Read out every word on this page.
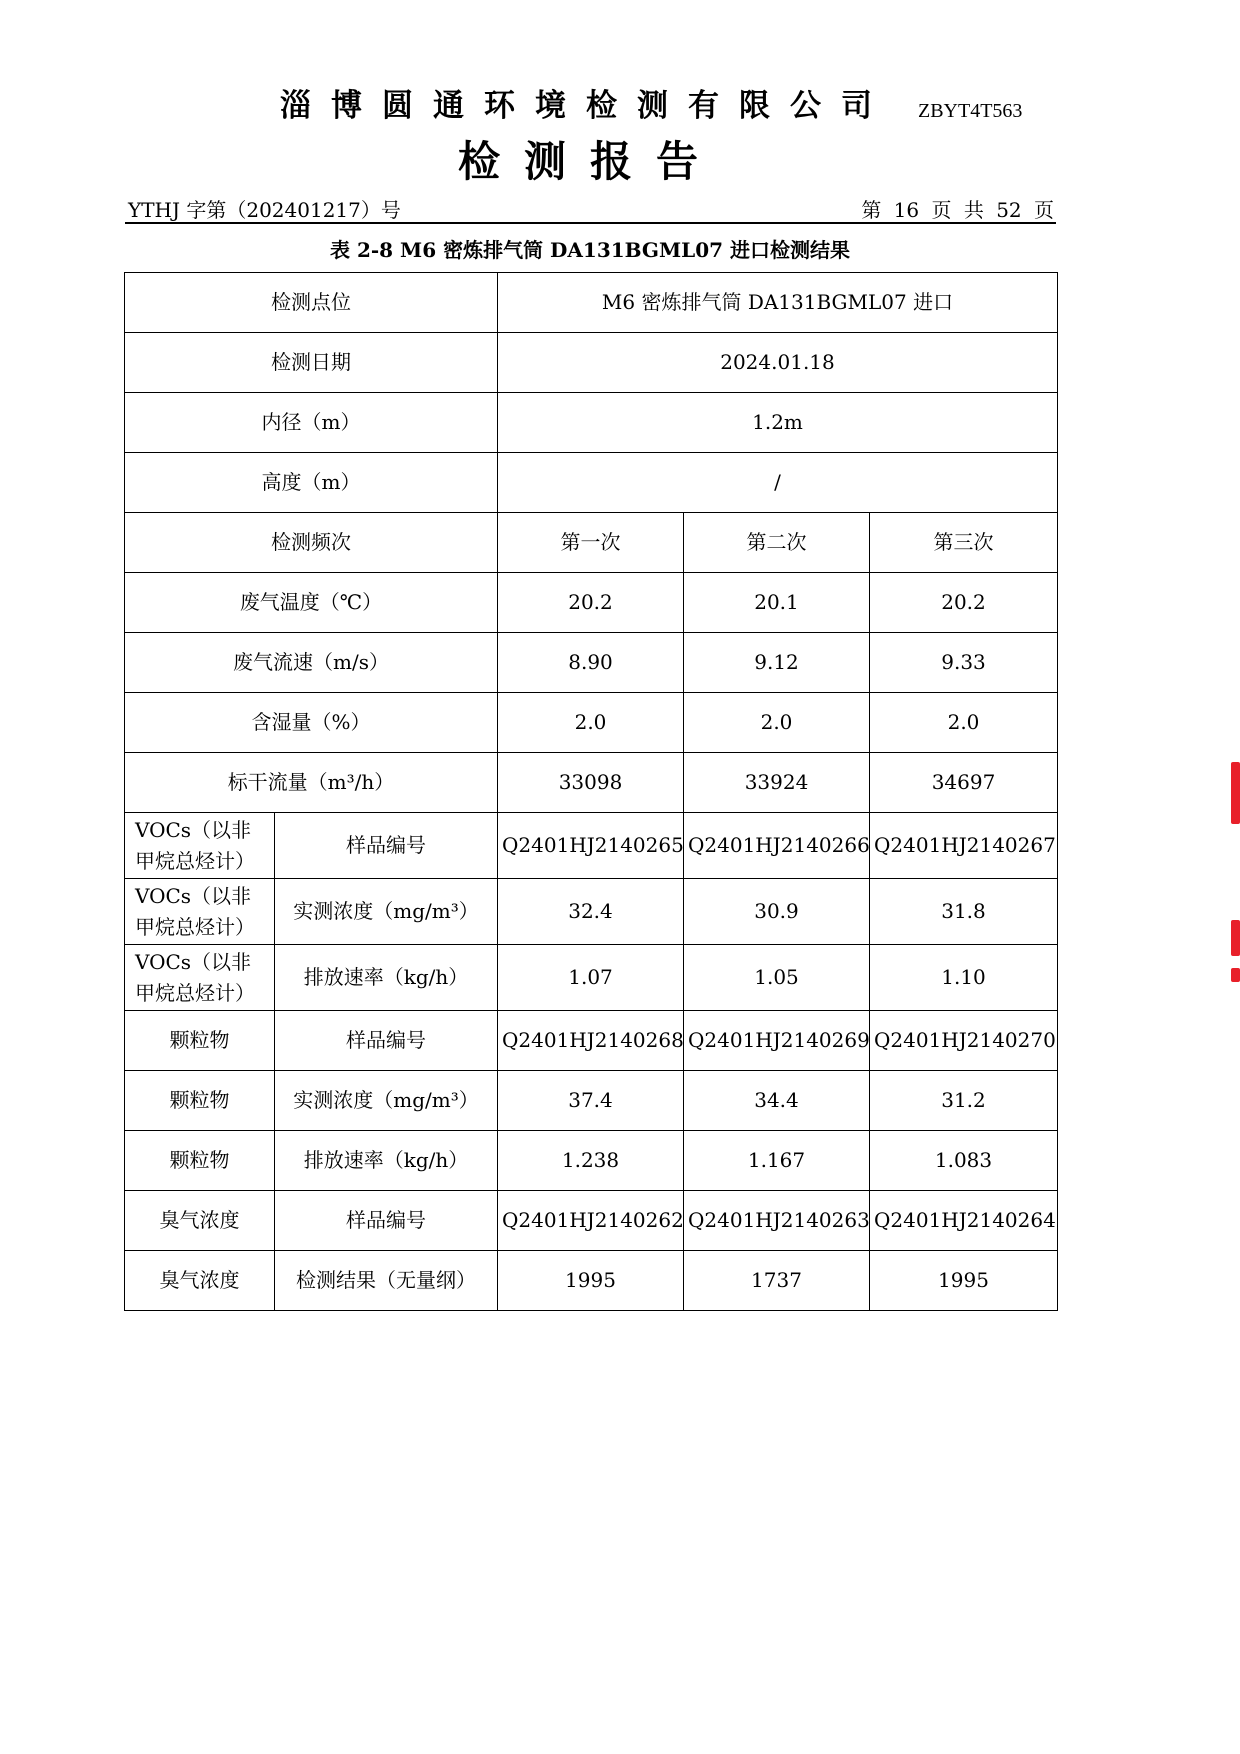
淄博圆通环境检测有限公司 ZBYT4T563
检测报告
YTHJ 字第（202401217）号	第 16 页 共 52 页
表 2-8 M6 密炼排气筒 DA131BGML07 进口检测结果
检测点位		M6 密炼排气筒 DA131BGML07 进口		
检测日期		2024.01.18		
内径（m）		1.2m		
高度（m）		/		
检测频次		第一次	第二次	第三次
废气温度（℃）		20.2	20.1	20.2
废气流速（m/s）		8.90	9.12	9.33
含湿量（%）		2.0	2.0	2.0
标干流量（m³/h）		33098	33924	34697
VOCs（以非甲烷总烃计）	样品编号	Q2401HJ2140265	Q2401HJ2140266	Q2401HJ2140267
VOCs（以非甲烷总烃计）	实测浓度（mg/m³）	32.4	30.9	31.8
VOCs（以非甲烷总烃计）	排放速率（kg/h）	1.07	1.05	1.10
颗粒物	样品编号	Q2401HJ2140268	Q2401HJ2140269	Q2401HJ2140270
颗粒物	实测浓度（mg/m³）	37.4	34.4	31.2
颗粒物	排放速率（kg/h）	1.238	1.167	1.083
臭气浓度	样品编号	Q2401HJ2140262	Q2401HJ2140263	Q2401HJ2140264
臭气浓度	检测结果（无量纲）	1995	1737	1995
